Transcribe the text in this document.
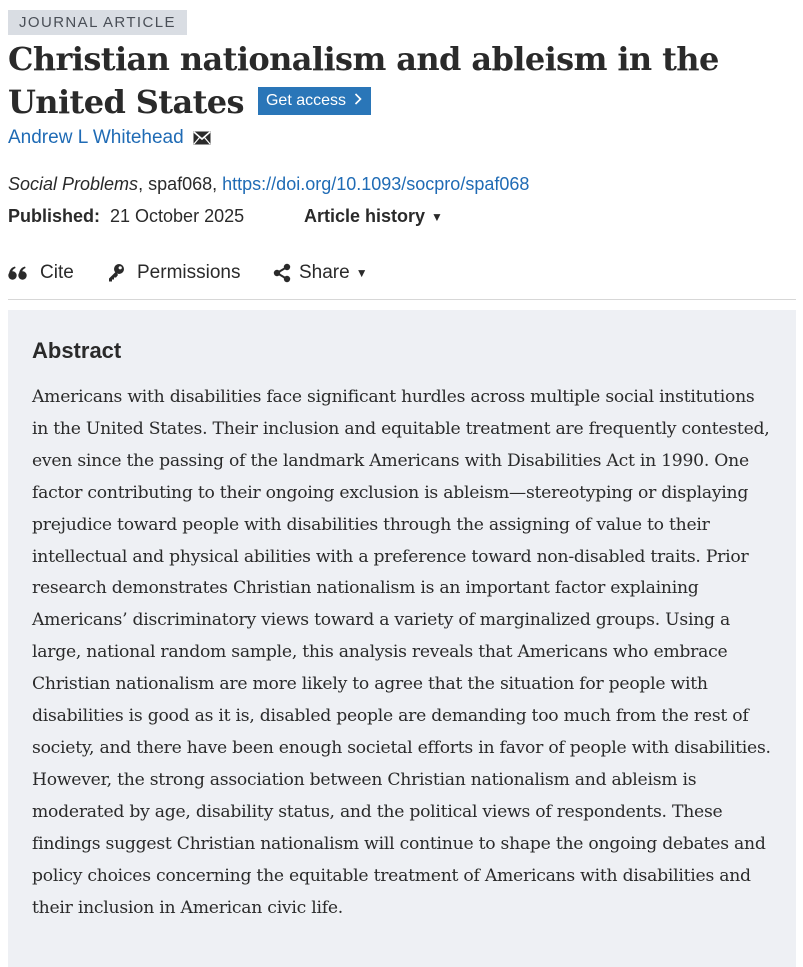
JOURNAL ARTICLE
Christian nationalism and ableism in the United States Get access
Andrew L Whitehead
Social Problems, spaf068, https://doi.org/10.1093/socpro/spaf068
Published: 21 October 2025	Article history ▼
Cite	Permissions	Share ▼
Abstract

Americans with disabilities face significant hurdles across multiple social institutions in the United States. Their inclusion and equitable treatment are frequently contested, even since the passing of the landmark Americans with Disabilities Act in 1990. One factor contributing to their ongoing exclusion is ableism—stereotyping or displaying prejudice toward people with disabilities through the assigning of value to their intellectual and physical abilities with a preference toward non-disabled traits. Prior research demonstrates Christian nationalism is an important factor explaining Americans’ discriminatory views toward a variety of marginalized groups. Using a large, national random sample, this analysis reveals that Americans who embrace Christian nationalism are more likely to agree that the situation for people with disabilities is good as it is, disabled people are demanding too much from the rest of society, and there have been enough societal efforts in favor of people with disabilities. However, the strong association between Christian nationalism and ableism is moderated by age, disability status, and the political views of respondents. These findings suggest Christian nationalism will continue to shape the ongoing debates and policy choices concerning the equitable treatment of Americans with disabilities and their inclusion in American civic life.
